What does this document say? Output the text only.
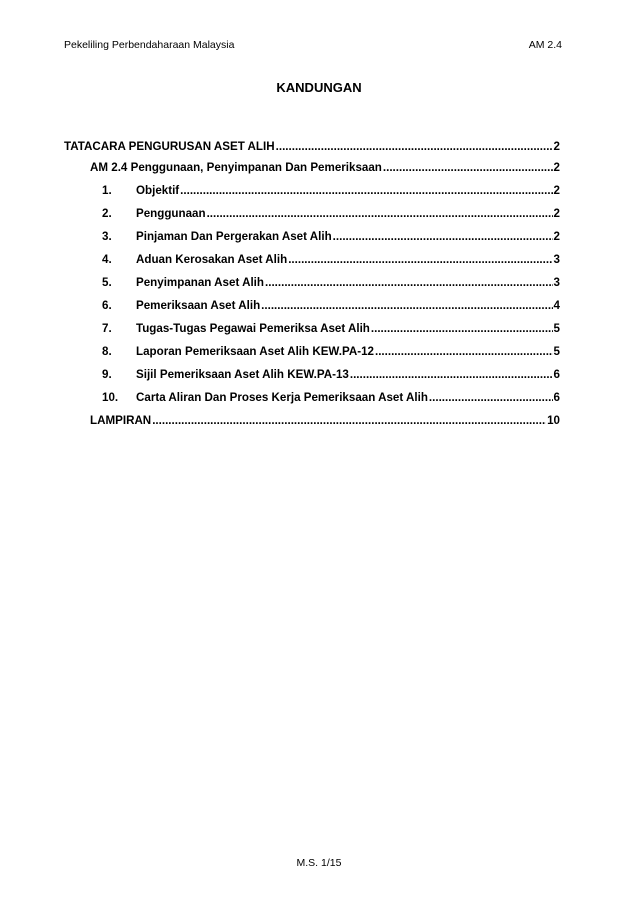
Pekeliling Perbendaharaan Malaysia	AM 2.4
KANDUNGAN
TATACARA PENGURUSAN ASET ALIH .....	2
AM 2.4 Penggunaan, Penyimpanan Dan Pemeriksaan .....	2
1.	Objektif .....	2
2.	Penggunaan .....	2
3.	Pinjaman Dan Pergerakan Aset Alih .....	2
4.	Aduan Kerosakan Aset Alih .....	3
5.	Penyimpanan Aset Alih .....	3
6.	Pemeriksaan Aset Alih .....	4
7.	Tugas-Tugas Pegawai Pemeriksa Aset Alih .....	5
8.	Laporan Pemeriksaan Aset Alih KEW.PA-12 .....	5
9.	Sijil Pemeriksaan Aset Alih KEW.PA-13 .....	6
10.	Carta Aliran Dan Proses Kerja Pemeriksaan Aset Alih .....	6
LAMPIRAN .....	10
M.S. 1/15
